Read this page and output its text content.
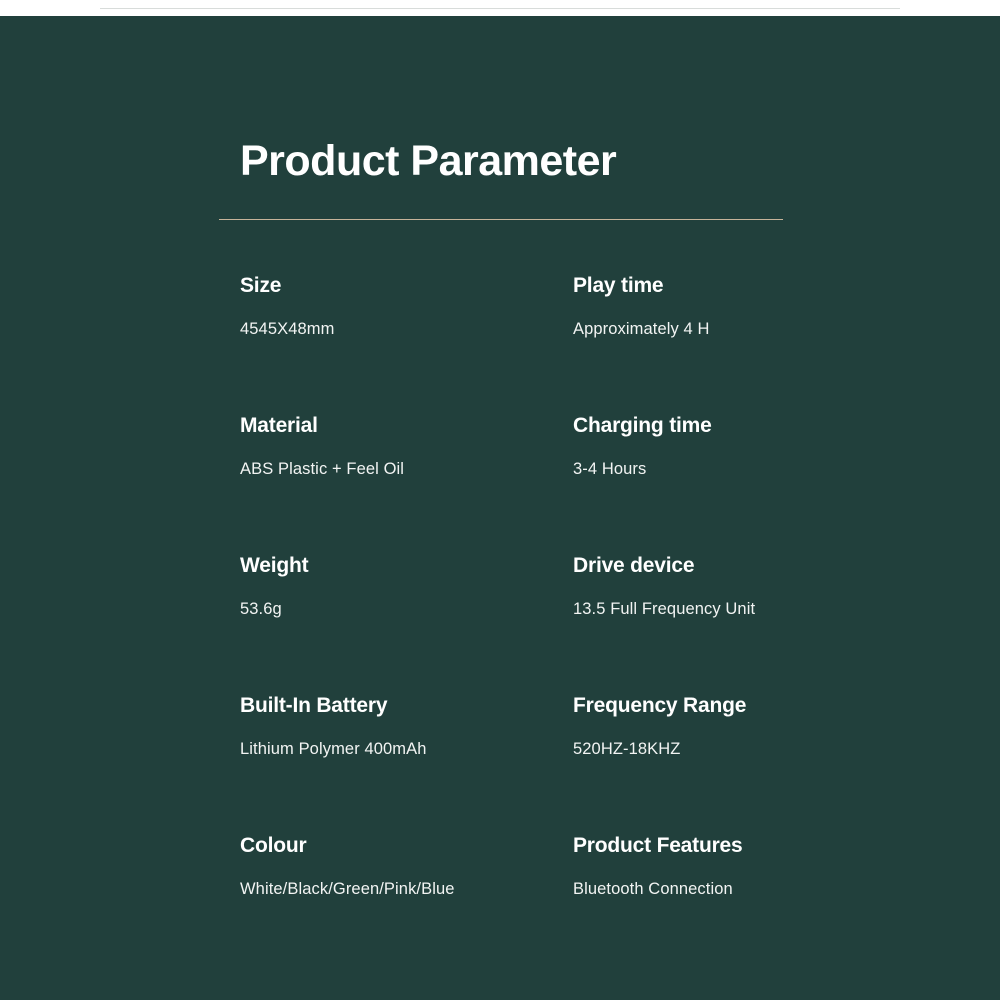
Product Parameter
Size
4545X48mm
Play time
Approximately 4 H
Material
ABS Plastic + Feel Oil
Charging time
3-4 Hours
Weight
53.6g
Drive device
13.5 Full Frequency Unit
Built-In Battery
Lithium Polymer 400mAh
Frequency Range
520HZ-18KHZ
Colour
White/Black/Green/Pink/Blue
Product Features
Bluetooth Connection
